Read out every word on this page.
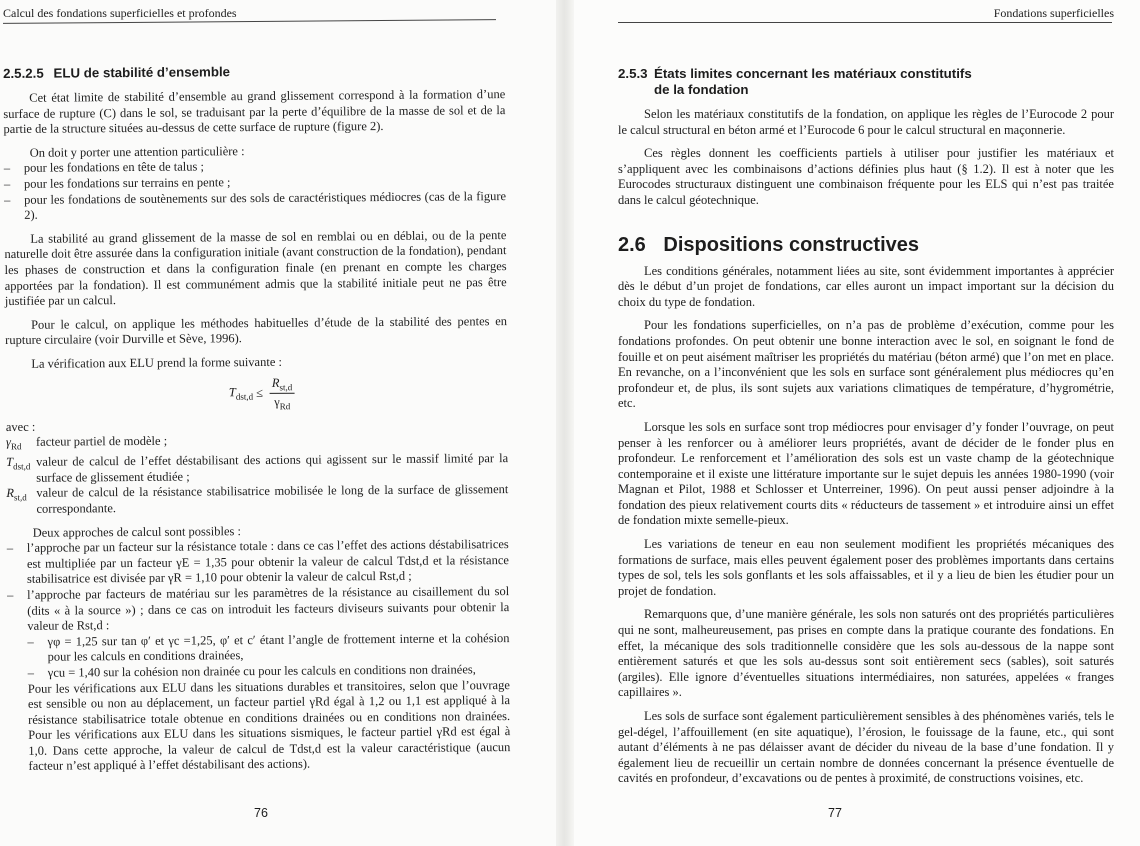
Calcul des fondations superficielles et profondes
2.5.2.5 ELU de stabilité d’ensemble

Cet état limite de stabilité d’ensemble au grand glissement correspond à la formation d’une surface de rupture (C) dans le sol, se traduisant par la perte d’équilibre de la masse de sol et de la partie de la structure situées au-dessus de cette surface de rupture (figure 2).

On doit y porter une attention particulière :

– pour les fondations en tête de talus ;
– pour les fondations sur terrains en pente ;
– pour les fondations de soutènements sur des sols de caractéristiques médiocres (cas de la figure 2).

La stabilité au grand glissement de la masse de sol en remblai ou en déblai, ou de la pente naturelle doit être assurée dans la configuration initiale (avant construction de la fondation), pendant les phases de construction et dans la configuration finale (en prenant en compte les charges apportées par la fondation). Il est communément admis que la stabilité initiale peut ne pas être justifiée par un calcul.

Pour le calcul, on applique les méthodes habituelles d’étude de la stabilité des pentes en rupture circulaire (voir Durville et Sève, 1996).

La vérification aux ELU prend la forme suivante :

$T_{dst,d} \le \frac{R_{st,d}}{\gamma_{Rd}}$

avec :

$\gamma_{Rd}$	facteur partiel de modèle ;
$T_{dst,d}$ valeur de calcul de l’effet déstabilisant des actions qui agissent sur le massif limité par la surface de glissement étudiée ;
$R_{st,d}$ valeur de calcul de la résistance stabilisatrice mobilisée le long de la surface de glissement correspondante.

Deux approches de calcul sont possibles :

– l’approche par un facteur sur la résistance totale : dans ce cas l’effet des actions déstabilisatrices est multipliée par un facteur γE = 1,35 pour obtenir la valeur de calcul Tdst,d et la résistance stabilisatrice est divisée par γR = 1,10 pour obtenir la valeur de calcul Rst,d ;
– l’approche par facteurs de matériau sur les paramètres de la résistance au cisaillement du sol (dits « à la source ») ; dans ce cas on introduit les facteurs diviseurs suivants pour obtenir la valeur de Rst,d :
– γφ = 1,25 sur tan φ′ et γc =1,25, φ′ et c′ étant l’angle de frottement interne et la cohésion pour les calculs en conditions drainées,
– γcu = 1,40 sur la cohésion non drainée cu pour les calculs en conditions non drainées,

Pour les vérifications aux ELU dans les situations durables et transitoires, selon que l’ouvrage est sensible ou non au déplacement, un facteur partiel γRd égal à 1,2 ou 1,1 est appliqué à la résistance stabilisatrice totale obtenue en conditions drainées ou en conditions non drainées. Pour les vérifications aux ELU dans les situations sismiques, le facteur partiel γRd est égal à 1,0. Dans cette approche, la valeur de calcul de Tdst,d est la valeur caractéristique (aucun facteur n’est appliqué à l’effet déstabilisant des actions).

76
Fondations superficielles
2.5.3 États limites concernant les matériaux constitutifs
de la fondation

Selon les matériaux constitutifs de la fondation, on applique les règles de l’Eurocode 2 pour le calcul structural en béton armé et l’Eurocode 6 pour le calcul structural en maçonnerie.

Ces règles donnent les coefficients partiels à utiliser pour justifier les matériaux et s’appliquent avec les combinaisons d’actions définies plus haut (§ 1.2). Il est à noter que les Eurocodes structuraux distinguent une combinaison fréquente pour les ELS qui n’est pas traitée dans le calcul géotechnique.

2.6 Dispositions constructives

Les conditions générales, notamment liées au site, sont évidemment importantes à apprécier dès le début d’un projet de fondations, car elles auront un impact important sur la décision du choix du type de fondation.

Pour les fondations superficielles, on n’a pas de problème d’exécution, comme pour les fondations profondes. On peut obtenir une bonne interaction avec le sol, en soignant le fond de fouille et on peut aisément maîtriser les propriétés du matériau (béton armé) que l’on met en place. En revanche, on a l’inconvénient que les sols en surface sont généralement plus médiocres qu’en profondeur et, de plus, ils sont sujets aux variations climatiques de température, d’hygrométrie, etc.

Lorsque les sols en surface sont trop médiocres pour envisager d’y fonder l’ouvrage, on peut penser à les renforcer ou à améliorer leurs propriétés, avant de décider de le fonder plus en profondeur. Le renforcement et l’amélioration des sols est un vaste champ de la géotechnique contemporaine et il existe une littérature importante sur le sujet depuis les années 1980-1990 (voir Magnan et Pilot, 1988 et Schlosser et Unterreiner, 1996). On peut aussi penser adjoindre à la fondation des pieux relativement courts dits « réducteurs de tassement » et introduire ainsi un effet de fondation mixte semelle-pieux.

Les variations de teneur en eau non seulement modifient les propriétés mécaniques des formations de surface, mais elles peuvent également poser des problèmes importants dans certains types de sol, tels les sols gonflants et les sols affaissables, et il y a lieu de bien les étudier pour un projet de fondation.

Remarquons que, d’une manière générale, les sols non saturés ont des propriétés particulières qui ne sont, malheureusement, pas prises en compte dans la pratique courante des fondations. En effet, la mécanique des sols traditionnelle considère que les sols au-dessous de la nappe sont entièrement saturés et que les sols au-dessus sont soit entièrement secs (sables), soit saturés (argiles). Elle ignore d’éventuelles situations intermédiaires, non saturées, appelées « franges capillaires ».

Les sols de surface sont également particulièrement sensibles à des phénomènes variés, tels le gel-dégel, l’affouillement (en site aquatique), l’érosion, le fouissage de la faune, etc., qui sont autant d’éléments à ne pas délaisser avant de décider du niveau de la base d’une fondation. Il y également lieu de recueillir un certain nombre de données concernant la présence éventuelle de cavités en profondeur, d’excavations ou de pentes à proximité, de constructions voisines, etc.

77
